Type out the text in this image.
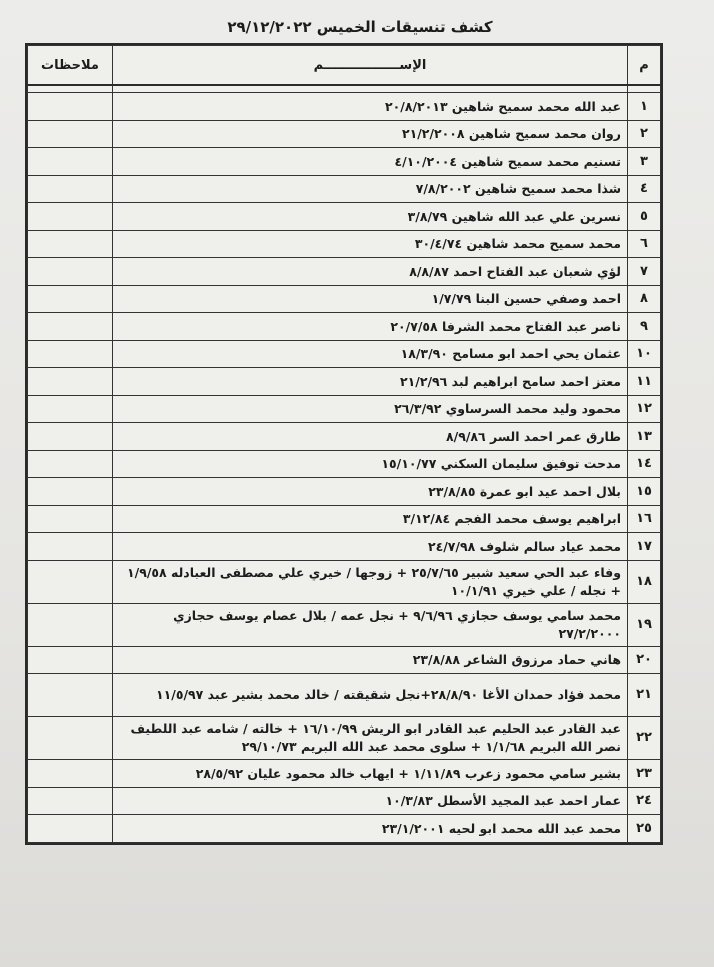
كشف تنسيقات الخميس ٢٩/١٢/٢٠٢٢
م	الإســـــــــــــــــم	ملاحظات

١	عبد الله محمد سميح شاهين ٢٠/٨/٢٠١٣	
٢	روان محمد سميح شاهين ٢١/٢/٢٠٠٨	
٣	تسنيم محمد سميح شاهين ٤/١٠/٢٠٠٤	
٤	شذا محمد سميح شاهين ٧/٨/٢٠٠٢	
٥	نسرين علي عبد الله شاهين ٣/٨/٧٩	
٦	محمد سميح محمد شاهين ٣٠/٤/٧٤	
٧	لؤي شعبان عبد الفتاح احمد ٨/٨/٨٧	
٨	احمد وصفي حسين البنا ١/٧/٧٩	
٩	ناصر عبد الفتاح محمد الشرفا ٢٠/٧/٥٨	
١٠	عثمان يحي احمد ابو مسامح ١٨/٣/٩٠	
١١	معتز احمد سامح ابراهيم لبد ٢١/٢/٩٦	
١٢	محمود وليد محمد السرساوي ٢٦/٣/٩٢	
١٣	طارق عمر احمد السر ٨/٩/٨٦	
١٤	مدحت توفيق سليمان السكني ١٥/١٠/٧٧	
١٥	بلال احمد عيد ابو عمرة ٢٣/٨/٨٥	
١٦	ابراهيم يوسف محمد الفجم ٣/١٢/٨٤	
١٧	محمد عياد سالم شلوف ٢٤/٧/٩٨	
١٨	وفاء عبد الحي سعيد شبير ٢٥/٧/٦٥ + زوجها / خيري علي مصطفى العبادله ١/٩/٥٨ + نجله / علي خيري ١٠/١/٩١	
١٩	محمد سامي يوسف حجازي ٩/٦/٩٦ + نجل عمه / بلال عصام يوسف حجازي ٢٧/٢/٢٠٠٠	
٢٠	هاني حماد مرزوق الشاعر ٢٣/٨/٨٨	
٢١	محمد فؤاد حمدان الأغا ٢٨/٨/٩٠+نجل شقيقته / خالد محمد بشير عبد ١١/٥/٩٧	
٢٢	عبد القادر عبد الحليم عبد القادر ابو الريش ١٦/١٠/٩٩ + خالته / شامه عبد اللطيف نصر الله البريم ١/١/٦٨ + سلوى محمد عبد الله البريم ٢٩/١٠/٧٣	
٢٣	بشير سامي محمود زعرب ١/١١/٨٩ + ايهاب خالد محمود عليان ٢٨/٥/٩٢	
٢٤	عمار احمد عبد المجيد الأسطل ١٠/٣/٨٣	
٢٥	محمد عبد الله محمد ابو لحيه ٢٣/١/٢٠٠١	
